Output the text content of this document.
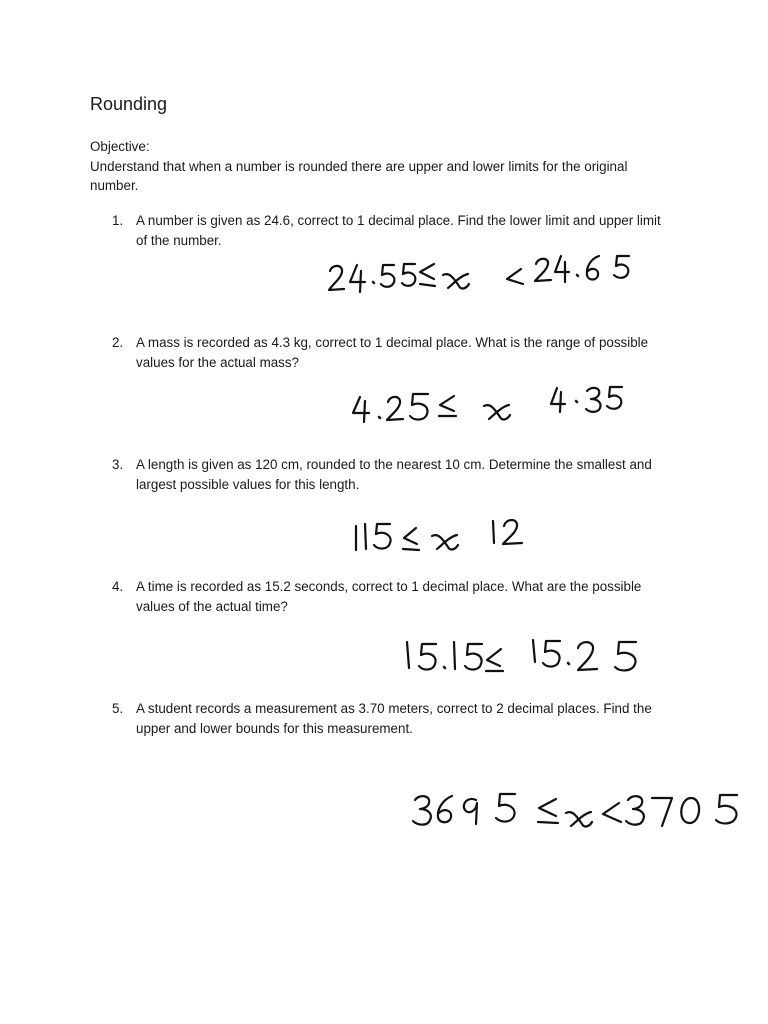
Rounding

Objective:

Understand that when a number is rounded there are upper and lower limits for the original number.

1. A number is given as 24.6, correct to 1 decimal place. Find the lower limit and upper limit of the number.
2. A mass is recorded as 4.3 kg, correct to 1 decimal place. What is the range of possible values for the actual mass?
3. A length is given as 120 cm, rounded to the nearest 10 cm. Determine the smallest and largest possible values for this length.
4. A time is recorded as 15.2 seconds, correct to 1 decimal place. What are the possible values of the actual time?
5. A student records a measurement as 3.70 meters, correct to 2 decimal places. Find the upper and lower bounds for this measurement.
